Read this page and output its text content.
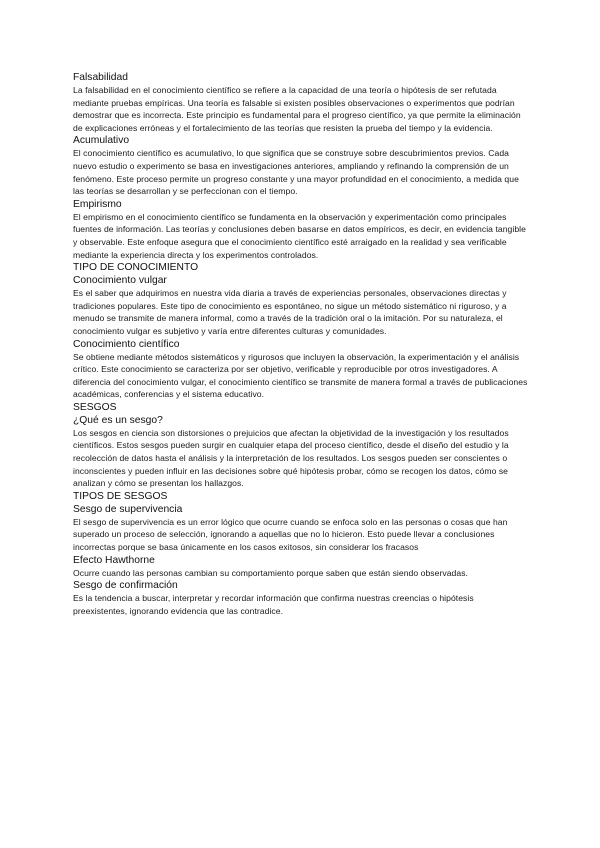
Falsabilidad

La falsabilidad en el conocimiento científico se refiere a la capacidad de una teoría o hipótesis de ser refutada mediante pruebas empíricas. Una teoría es falsable si existen posibles observaciones o experimentos que podrían demostrar que es incorrecta. Este principio es fundamental para el progreso científico, ya que permite la eliminación de explicaciones erróneas y el fortalecimiento de las teorías que resisten la prueba del tiempo y la evidencia.

Acumulativo

El conocimiento científico es acumulativo, lo que significa que se construye sobre descubrimientos previos. Cada nuevo estudio o experimento se basa en investigaciones anteriores, ampliando y refinando la comprensión de un fenómeno. Este proceso permite un progreso constante y una mayor profundidad en el conocimiento, a medida que las teorías se desarrollan y se perfeccionan con el tiempo.

Empirismo

El empirismo en el conocimiento científico se fundamenta en la observación y experimentación como principales fuentes de información. Las teorías y conclusiones deben basarse en datos empíricos, es decir, en evidencia tangible y observable. Este enfoque asegura que el conocimiento científico esté arraigado en la realidad y sea verificable mediante la experiencia directa y los experimentos controlados.

TIPO DE CONOCIMIENTO
Conocimiento vulgar

Es el saber que adquirimos en nuestra vida diaria a través de experiencias personales, observaciones directas y tradiciones populares. Este tipo de conocimiento es espontáneo, no sigue un método sistemático ni riguroso, y a menudo se transmite de manera informal, como a través de la tradición oral o la imitación. Por su naturaleza, el conocimiento vulgar es subjetivo y varía entre diferentes culturas y comunidades.

Conocimiento científico

Se obtiene mediante métodos sistemáticos y rigurosos que incluyen la observación, la experimentación y el análisis crítico. Este conocimiento se caracteriza por ser objetivo, verificable y reproducible por otros investigadores. A diferencia del conocimiento vulgar, el conocimiento científico se transmite de manera formal a través de publicaciones académicas, conferencias y el sistema educativo.

SESGOS
¿Qué es un sesgo?

Los sesgos en ciencia son distorsiones o prejuicios que afectan la objetividad de la investigación y los resultados científicos. Estos sesgos pueden surgir en cualquier etapa del proceso científico, desde el diseño del estudio y la recolección de datos hasta el análisis y la interpretación de los resultados. Los sesgos pueden ser conscientes o inconscientes y pueden influir en las decisiones sobre qué hipótesis probar, cómo se recogen los datos, cómo se analizan y cómo se presentan los hallazgos.

TIPOS DE SESGOS
Sesgo de supervivencia

El sesgo de supervivencia es un error lógico que ocurre cuando se enfoca solo en las personas o cosas que han superado un proceso de selección, ignorando a aquellas que no lo hicieron. Esto puede llevar a conclusiones incorrectas porque se basa únicamente en los casos exitosos, sin considerar los fracasos

Efecto Hawthorne

Ocurre cuando las personas cambian su comportamiento porque saben que están siendo observadas.

Sesgo de confirmación

Es la tendencia a buscar, interpretar y recordar información que confirma nuestras creencias o hipótesis preexistentes, ignorando evidencia que las contradice.
